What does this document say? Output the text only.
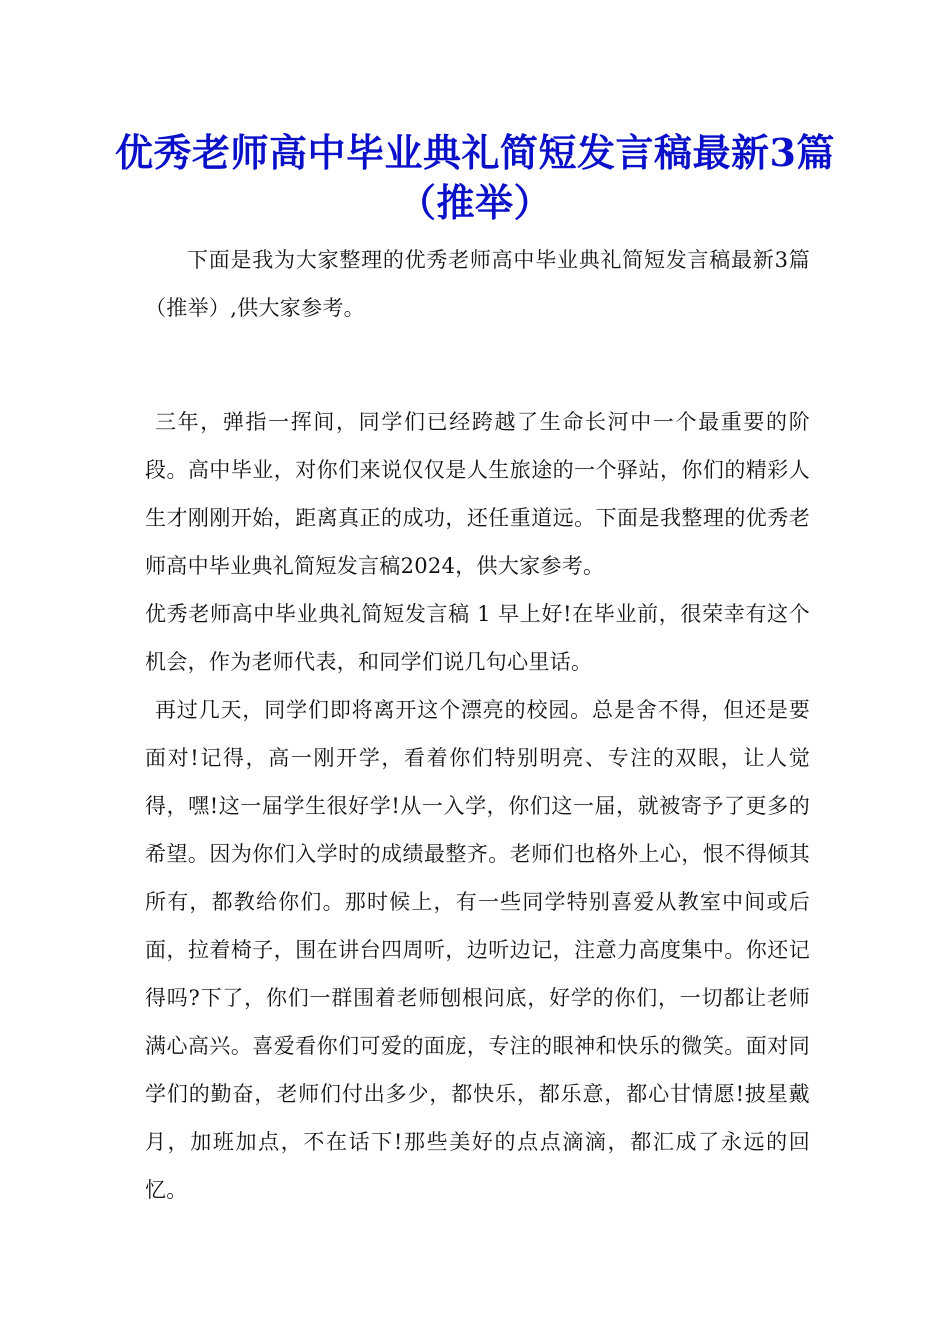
优秀老师高中毕业典礼简短发言稿最新3篇（推举）

下面是我为大家整理的优秀老师高中毕业典礼简短发言稿最新3篇（推举）,供大家参考。

三年，弹指一挥间，同学们已经跨越了生命长河中一个最重要的阶段。高中毕业，对你们来说仅仅是人生旅途的一个驿站，你们的精彩人生才刚刚开始，距离真正的成功，还任重道远。下面是我整理的优秀老师高中毕业典礼简短发言稿2024，供大家参考。

优秀老师高中毕业典礼简短发言稿 1 早上好!在毕业前，很荣幸有这个机会，作为老师代表，和同学们说几句心里话。

再过几天，同学们即将离开这个漂亮的校园。总是舍不得，但还是要面对!记得，高一刚开学，看着你们特别明亮、专注的双眼，让人觉得，嘿!这一届学生很好学!从一入学，你们这一届，就被寄予了更多的希望。因为你们入学时的成绩最整齐。老师们也格外上心，恨不得倾其所有，都教给你们。那时候上，有一些同学特别喜爱从教室中间或后面，拉着椅子，围在讲台四周听，边听边记，注意力高度集中。你还记得吗?下了，你们一群围着老师刨根问底，好学的你们，一切都让老师满心高兴。喜爱看你们可爱的面庞，专注的眼神和快乐的微笑。面对同学们的勤奋，老师们付出多少，都快乐，都乐意，都心甘情愿!披星戴月，加班加点，不在话下!那些美好的点点滴滴，都汇成了永远的回忆。
